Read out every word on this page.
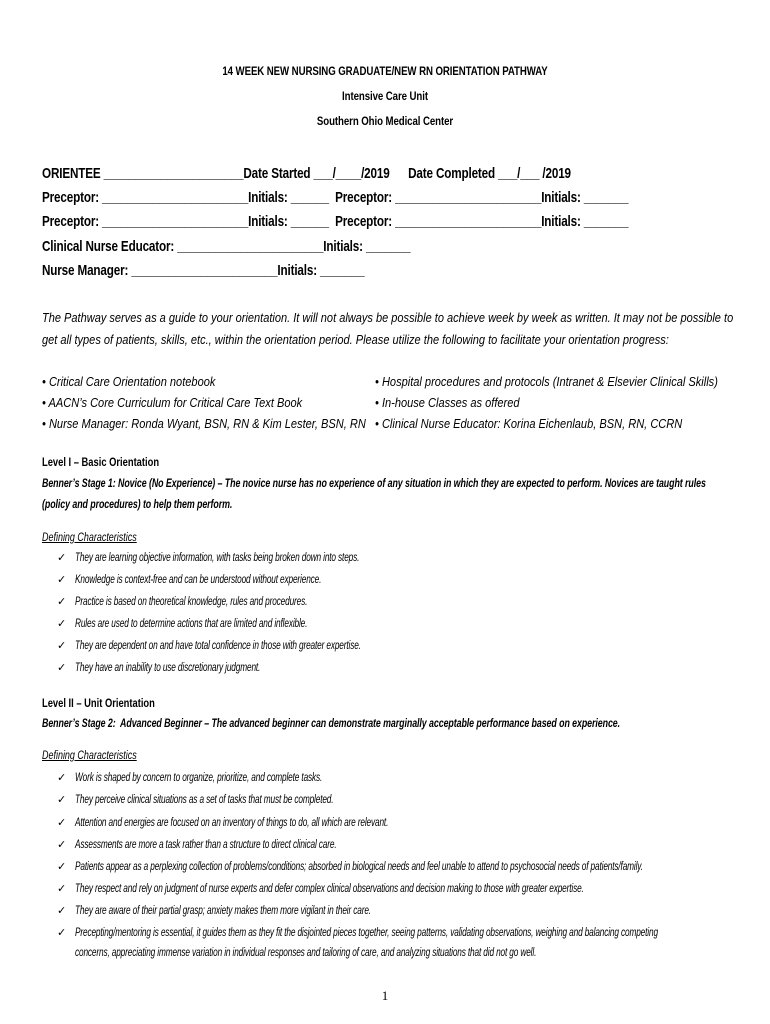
14 WEEK NEW NURSING GRADUATE/NEW RN ORIENTATION PATHWAY
Intensive Care Unit
Southern Ohio Medical Center
ORIENTEE ______________________Date Started ___/____/2019      Date Completed ___/___ /2019
Preceptor: _______________________Initials: ______  Preceptor: _______________________Initials: _______
Preceptor: _______________________Initials: ______  Preceptor: _______________________Initials: _______
Clinical Nurse Educator: _______________________Initials: _______
Nurse Manager: _______________________Initials: _______
The Pathway serves as a guide to your orientation. It will not always be possible to achieve week by week as written. It may not be possible to
get all types of patients, skills, etc., within the orientation period. Please utilize the following to facilitate your orientation progress:
• Critical Care Orientation notebook
• AACN’s Core Curriculum for Critical Care Text Book
• Nurse Manager: Ronda Wyant, BSN, RN & Kim Lester, BSN, RN
• Hospital procedures and protocols (Intranet & Elsevier Clinical Skills)
• In-house Classes as offered
• Clinical Nurse Educator: Korina Eichenlaub, BSN, RN, CCRN
Level I – Basic Orientation
Benner’s Stage 1: Novice (No Experience) – The novice nurse has no experience of any situation in which they are expected to perform. Novices are taught rules
(policy and procedures) to help them perform.
Defining Characteristics
✓ They are learning objective information, with tasks being broken down into steps.
✓ Knowledge is context-free and can be understood without experience.
✓ Practice is based on theoretical knowledge, rules and procedures.
✓ Rules are used to determine actions that are limited and inflexible.
✓ They are dependent on and have total confidence in those with greater expertise.
✓ They have an inability to use discretionary judgment.
Level II – Unit Orientation
Benner’s Stage 2:  Advanced Beginner – The advanced beginner can demonstrate marginally acceptable performance based on experience.
Defining Characteristics
✓ Work is shaped by concern to organize, prioritize, and complete tasks.
✓ They perceive clinical situations as a set of tasks that must be completed.
✓ Attention and energies are focused on an inventory of things to do, all which are relevant.
✓ Assessments are more a task rather than a structure to direct clinical care.
✓ Patients appear as a perplexing collection of problems/conditions; absorbed in biological needs and feel unable to attend to psychosocial needs of patients/family.
✓ They respect and rely on judgment of nurse experts and defer complex clinical observations and decision making to those with greater expertise.
✓ They are aware of their partial grasp; anxiety makes them more vigilant in their care.
✓ Precepting/mentoring is essential, it guides them as they fit the disjointed pieces together, seeing patterns, validating observations, weighing and balancing competing
concerns, appreciating immense variation in individual responses and tailoring of care, and analyzing situations that did not go well.
1
